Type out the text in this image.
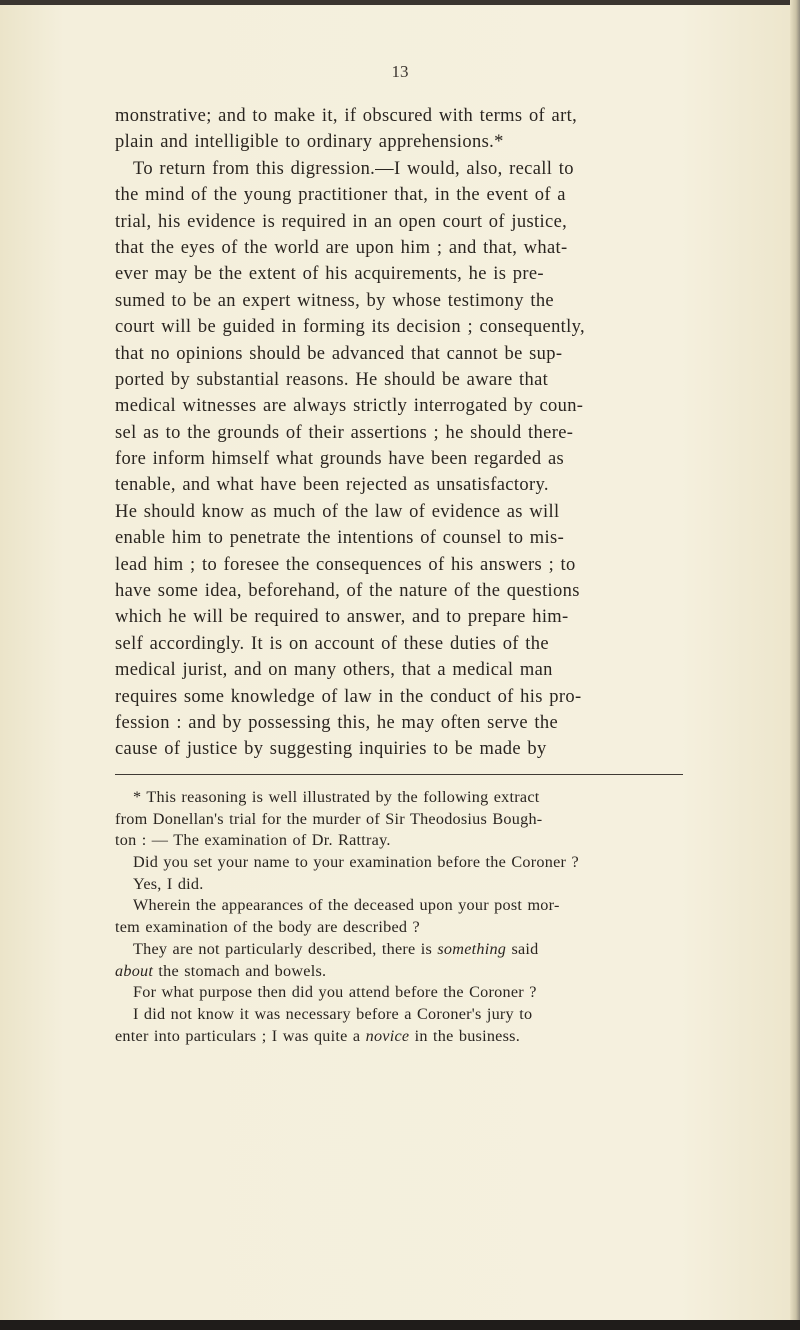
13
monstrative; and to make it, if obscured with terms of art,
plain and intelligible to ordinary apprehensions.*
To return from this digression.—I would, also, recall to
the mind of the young practitioner that, in the event of a
trial, his evidence is required in an open court of justice,
that the eyes of the world are upon him ; and that, what-
ever may be the extent of his acquirements, he is pre-
sumed to be an expert witness, by whose testimony the
court will be guided in forming its decision ; consequently,
that no opinions should be advanced that cannot be sup-
ported by substantial reasons. He should be aware that
medical witnesses are always strictly interrogated by coun-
sel as to the grounds of their assertions ; he should there-
fore inform himself what grounds have been regarded as
tenable, and what have been rejected as unsatisfactory.
He should know as much of the law of evidence as will
enable him to penetrate the intentions of counsel to mis-
lead him ; to foresee the consequences of his answers ; to
have some idea, beforehand, of the nature of the questions
which he will be required to answer, and to prepare him-
self accordingly. It is on account of these duties of the
medical jurist, and on many others, that a medical man
requires some knowledge of law in the conduct of his pro-
fession : and by possessing this, he may often serve the
cause of justice by suggesting inquiries to be made by
* This reasoning is well illustrated by the following extract
from Donellan's trial for the murder of Sir Theodosius Bough-
ton : — The examination of Dr. Rattray.
Did you set your name to your examination before the Coroner ?
Yes, I did.
Wherein the appearances of the deceased upon your post mor-
tem examination of the body are described ?
They are not particularly described, there is something said
about the stomach and bowels.
For what purpose then did you attend before the Coroner ?
I did not know it was necessary before a Coroner's jury to
enter into particulars ; I was quite a novice in the business.
